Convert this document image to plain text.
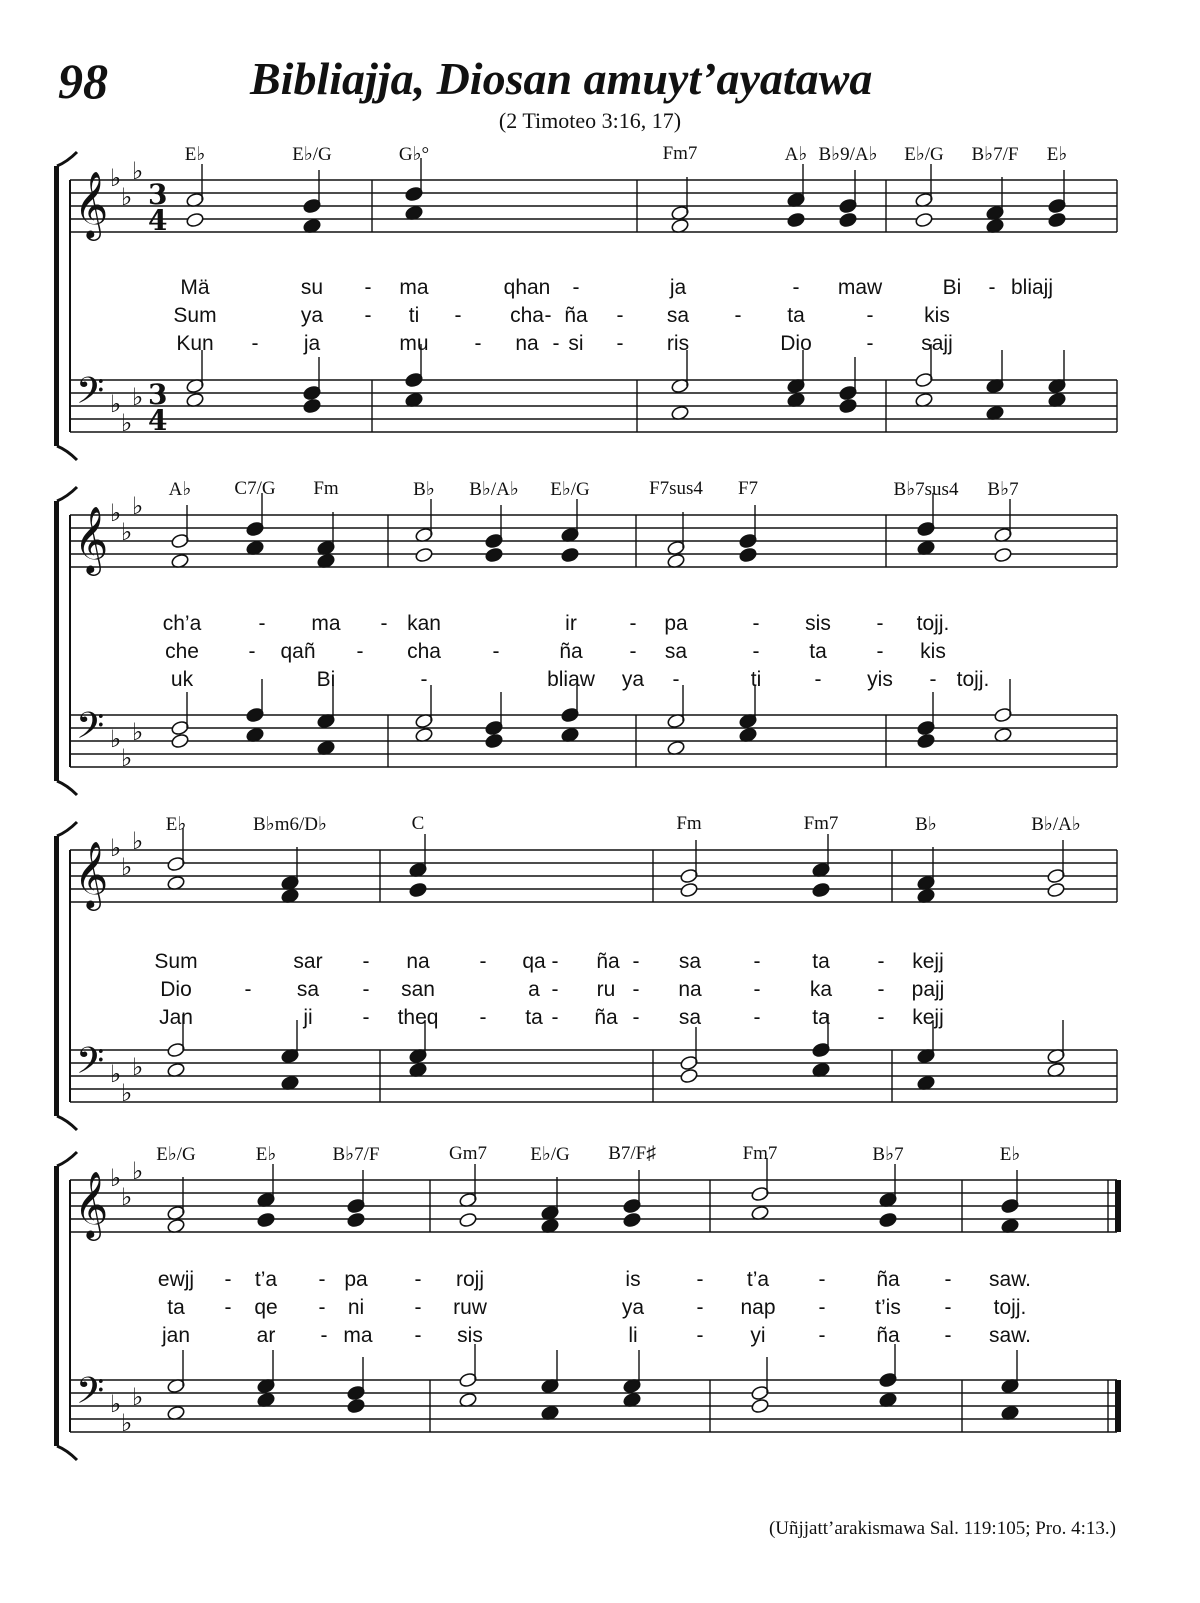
98	Bibliajja, Diosan amuyt’ayatawa
(2 Timoteo 3:16, 17)
𝄞
𝄢
♭
♭
♭
♭
♭
♭
3
4
3
4
𝄞
𝄢
♭
♭
♭
♭
♭
♭
𝄞
𝄢
♭
♭
♭
♭
♭
♭
𝄞
𝄢
♭
♭
♭
♭
♭
♭
E♭	E♭/G	G♭°	Fm7	A♭ B♭9/A♭ E♭/G B♭7/F E♭
Mä	su - ma	qhan -	ja	- maw	Bi - bliajj
Sum	ya - ti - cha - ña - sa - ta	- kis
Kun - ja	mu - na - si - ris	Dio	- sajj
A♭ C7/G Fm	B♭ B♭/A♭ E♭/G	F7sus4 F7	B♭7sus4 B♭7
ch’a	- ma - kan	ir	- pa	- sis - tojj.
che - qañ - cha -	ña - sa	- ta - kis
uk	Bi	-	bliaw ya -	ti	- yis - tojj.
E♭	B♭m6/D♭	C	Fm	Fm7	B♭	B♭/A♭
Sum	sar - na - qa - ña - sa - ta - kejj
Dio	- sa - san	a - ru - na - ka - pajj
Jan	ji - theq - ta - ña - sa - ta - kejj
E♭/G	E♭	B♭7/F	Gm7 E♭/G B7/F♯	Fm7	B♭7	E♭
ewjj - t’a - pa - rojj	is	- t’a - ña - saw.
ta - qe - ni - ruw	ya - nap - t’is - tojj.
jan	ar - ma - sis	li	- yi	- ña - saw.
(Uñjjatt’arakismawa Sal. 119:105; Pro. 4:13.)
